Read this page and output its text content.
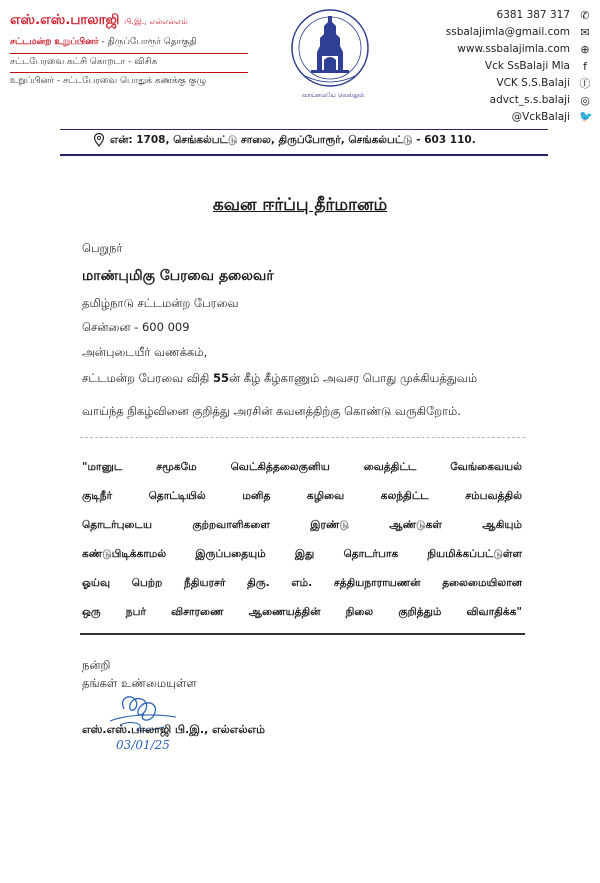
எஸ்.எஸ்.பாலாஜி பி.இ., எல்எல்எம்
சட்டமன்ற உறுப்பினர் - திருப்போரூர் தொகுதி
சட்டபேரவை கட்சி கொறடா - விசிக
உறுப்பினர் - சட்டபேரவை பொதுக் கணக்கு குழு
வாய்மையே வெல்லும்
6381 387 317 ✆
ssbalajimla@gmail.com ✉
www.ssbalajimla.com ⊕
Vck SsBalaji Mla	f
VCK S.S.Balaji ⓕ
advct_s.s.balaji ◎
@VckBalaji 🐦
என்: 1708, செங்கல்பட்டு சாலை, திருப்போரூர், செங்கல்பட்டு - 603 110.
கவன ஈர்ப்பு தீர்மானம்
பெறுநர்
மாண்புமிகு பேரவை தலைவர்
தமிழ்நாடு சட்டமன்ற பேரவை
சென்னை - 600 009
அன்புடையீர் வணக்கம்,
சட்டமன்ற பேரவை விதி 55ன் கீழ் கீழ்காணும் அவசர பொது முக்கியத்துவம்
வாய்ந்த நிகழ்வினை குறித்து அரசின் கவனத்திற்கு கொண்டு வருகிறோம்.
"மானுட சமூகமே வெட்கித்தலைகுனிய வைத்திட்ட வேங்கைவயல்
குடிநீர் தொட்டியில் மனித கழிவை கலந்திட்ட சம்பவத்தில்
தொடர்புடைய குற்றவாளிகளை இரண்டு ஆண்டுகள் ஆகியும்
கண்டுபிடிக்காமல் இருப்பதையும் இது தொடர்பாக நியமிக்கப்பட்டுள்ள
ஓய்வு பெற்ற நீதியரசர் திரு. எம். சத்தியநாராயணன் தலைமையிலான
ஒரு நபர் விசாரணை ஆணையத்தின் நிலை குறித்தும் விவாதிக்க"
நன்றி
தங்கள் உண்மையுள்ள
எஸ்.எஸ்.பாலாஜி பி.இ., எல்எல்எம்
03/01/25
